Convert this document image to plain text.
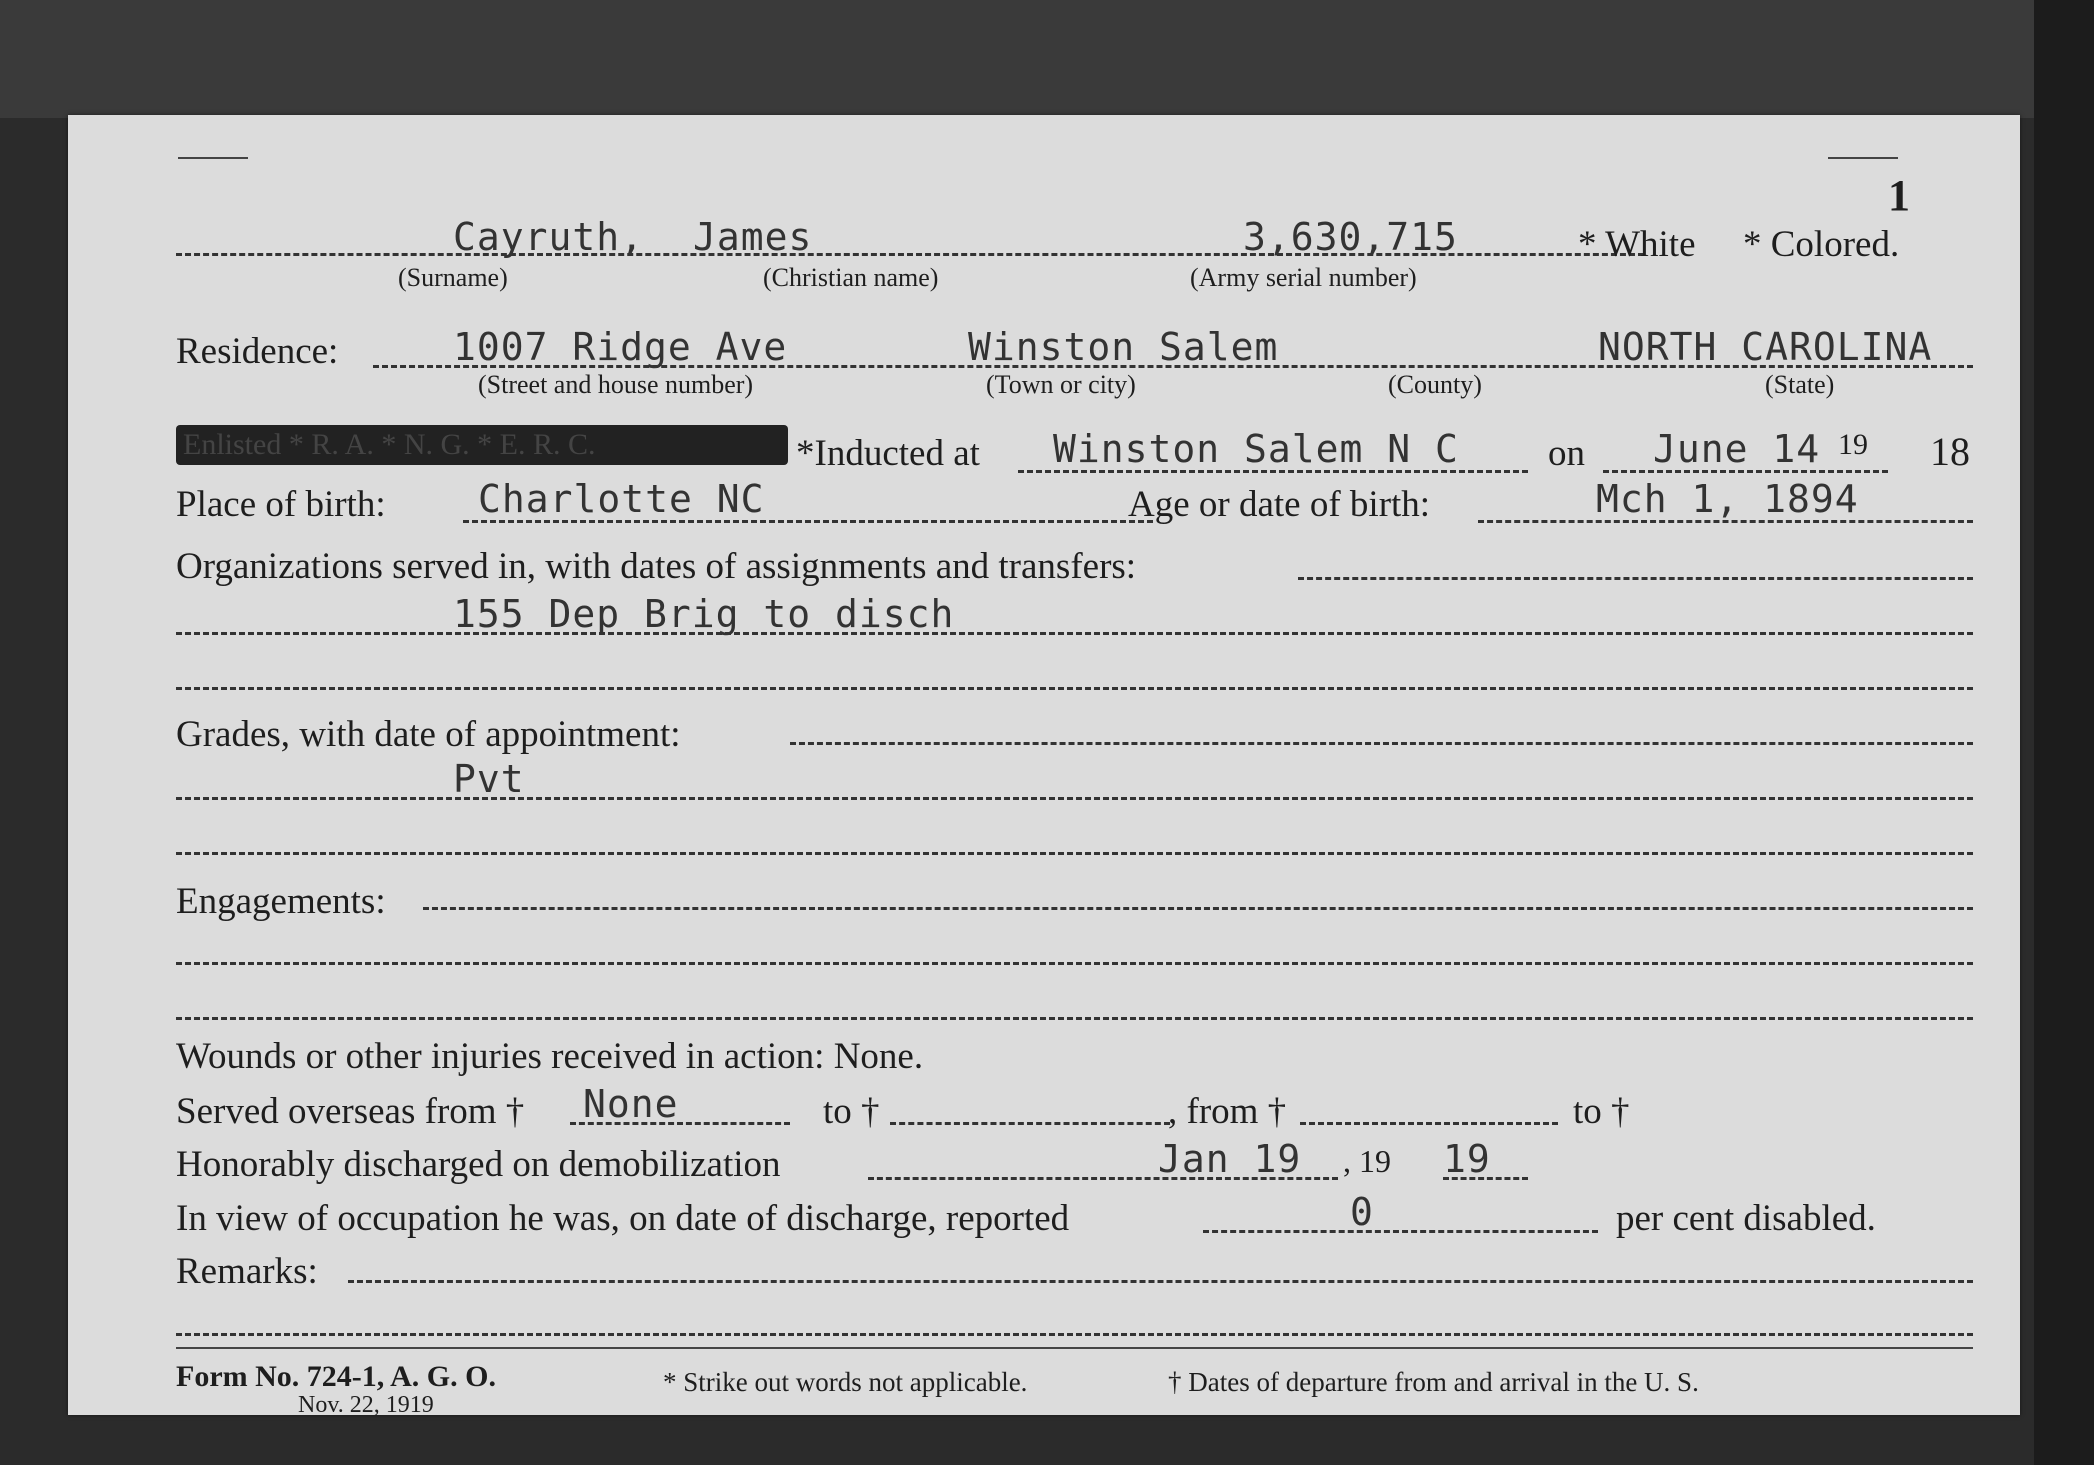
1
Cayruth, James	3,630,715	* White * Colored.
(Surname)	(Christian name)	(Army serial number)
Residence:	1007 Ridge Ave	Winston Salem	NORTH CAROLINA
(Street and house number)	(Town or city)	(County)	(State)
Enlisted * R. A. * N. G. * E. R. C.	*Inducted at Winston Salem N C on June 14 19 18
Place of birth: Charlotte NC	Age or date of birth:	Mch 1, 1894
Organizations served in, with dates of assignments and transfers:
155 Dep Brig to disch
Grades, with date of appointment:
Pvt
Engagements:
Wounds or other injuries received in action: None.
Served overseas from † None	to †	, from †	to †
Honorably discharged on demobilization	Jan 19 , 19 19
In view of occupation he was, on date of discharge, reported	0	per cent disabled.
Remarks:
Form No. 724-1, A. G. O.
Nov. 22, 1919
* Strike out words not applicable.	† Dates of departure from and arrival in the U. S.
